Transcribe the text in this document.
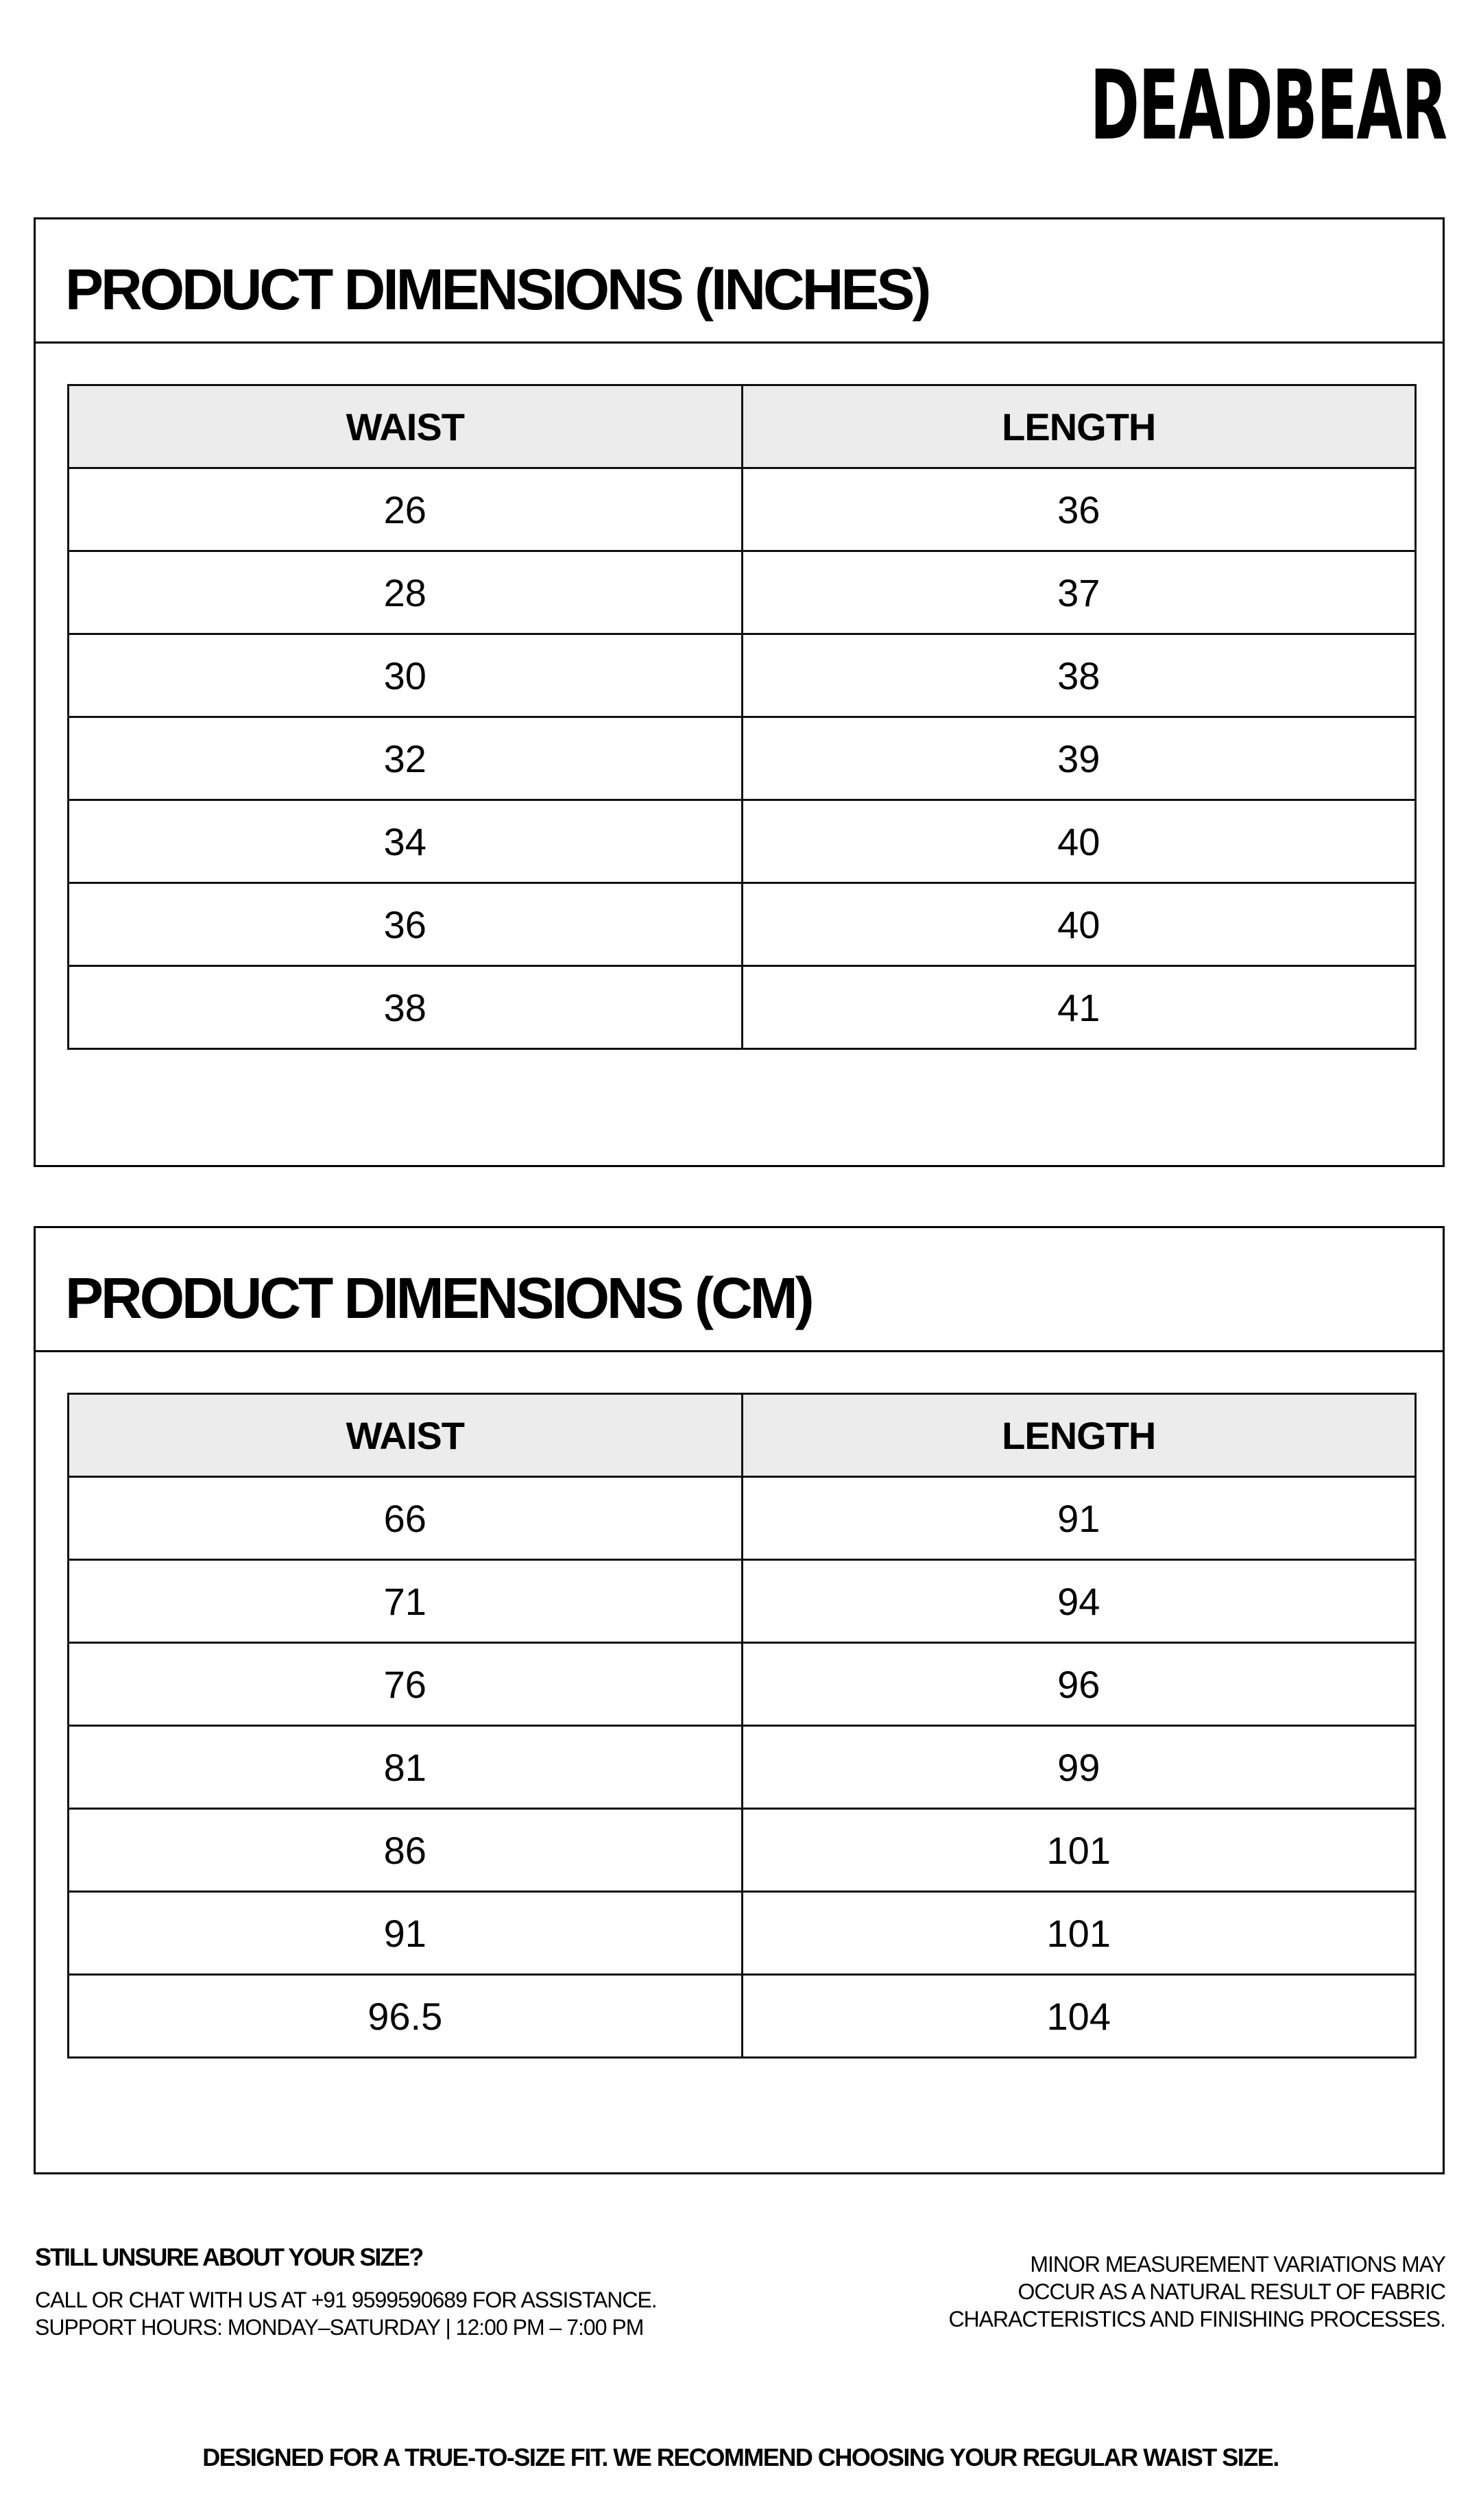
DEADBEAR
PRODUCT DIMENSIONS (INCHES)
WAIST	LENGTH
26	36
28	37
30	38
32	39
34	40
36	40
38	41
PRODUCT DIMENSIONS (CM)
WAIST	LENGTH
66	91
71	94
76	96
81	99
86	101
91	101
96.5	104
STILL UNSURE ABOUT YOUR SIZE?
CALL OR CHAT WITH US AT +91 9599590689 FOR ASSISTANCE.
SUPPORT HOURS: MONDAY–SATURDAY | 12:00 PM – 7:00 PM
MINOR MEASUREMENT VARIATIONS MAY
OCCUR AS A NATURAL RESULT OF FABRIC
CHARACTERISTICS AND FINISHING PROCESSES.
DESIGNED FOR A TRUE-TO-SIZE FIT. WE RECOMMEND CHOOSING YOUR REGULAR WAIST SIZE.
